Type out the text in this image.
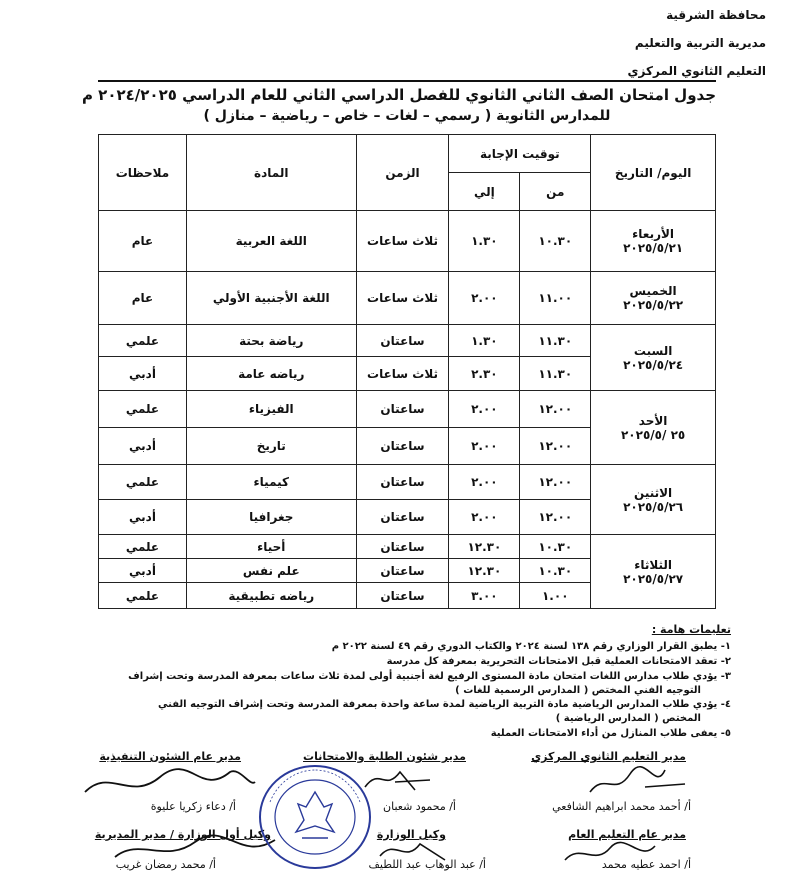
محافظة الشرقية
مديرية التربية والتعليم
التعليم الثانوي المركزي
جدول امتحان الصف الثاني الثانوي للفصل الدراسي الثاني للعام الدراسي ٢٠٢٤/٢٠٢٥ م
للمدارس الثانوية ( رسمي – لغات – خاص – رياضية – منازل )
اليوم/ التاريخ	توقيت الإجابة		الزمن	المادة	ملاحظات
	من	إلي			

الأربعاء
٢٠٢٥/٥/٢١	١٠.٣٠	١.٣٠	ثلاث ساعات	اللغة العربية	عام

الخميس
٢٠٢٥/٥/٢٢	١١.٠٠	٢.٠٠	ثلاث ساعات	اللغة الأجنبية الأولي	عام

السبت
٢٠٢٥/٥/٢٤	١١.٣٠	١.٣٠	ساعتان	رياضة بحتة	علمي
	١١.٣٠	٢.٣٠	ثلاث ساعات	رياضه عامة	أدبي

الأحد
٢٥ /٢٠٢٥/٥	١٢.٠٠	٢.٠٠	ساعتان	الفيزياء	علمي
	١٢.٠٠	٢.٠٠	ساعتان	تاريخ	أدبي

الاثنين
٢٠٢٥/٥/٢٦	١٢.٠٠	٢.٠٠	ساعتان	كيمياء	علمي
	١٢.٠٠	٢.٠٠	ساعتان	جغرافيا	أدبي

الثلاثاء
٢٠٢٥/٥/٢٧	١٠.٣٠	١٢.٣٠	ساعتان	أحياء	علمي
	١٠.٣٠	١٢.٣٠	ساعتان	علم نفس	أدبي
	١.٠٠	٣.٠٠	ساعتان	رياضه تطبيقية	علمي
تعليمات هامة :
١- يطبق القرار الوزاري رقم ١٣٨ لسنة ٢٠٢٤ والكتاب الدوري رقم ٤٩ لسنة ٢٠٢٢ م
٢- تعقد الامتحانات العملية قبل الامتحانات التحريرية بمعرفة كل مدرسة
٣- يؤدي طلاب مدارس اللغات امتحان مادة المستوى الرفيع لغة أجنبية أولى لمدة ثلاث ساعات بمعرفة المدرسة وتحت إشراف
التوجيه الفني المختص ( المدارس الرسمية للغات )
٤- يؤدي طلاب المدارس الرياضية مادة التربية الرياضية لمدة ساعة واحدة بمعرفة المدرسة وتحت إشراف التوجيه الفني
المختص ( المدارس الرياضية )
٥- يعفى طلاب المنازل من أداء الامتحانات العملية
مدير التعليم الثانوي المركزي
مدير شئون الطلبة والامتحانات
مدير عام الشئون التنفيذية
أ/ أحمد محمد ابراهيم الشافعي
أ/ محمود شعبان
أ/ دعاء زكريا عليوة
مدير عام التعليم العام
وكيل الوزارة
وكيل أول الوزارة / مدير المديرية
أ/ احمد عطيه محمد
أ/ عبد الوهاب عبد اللطيف
أ/ محمد رمضان غريب
